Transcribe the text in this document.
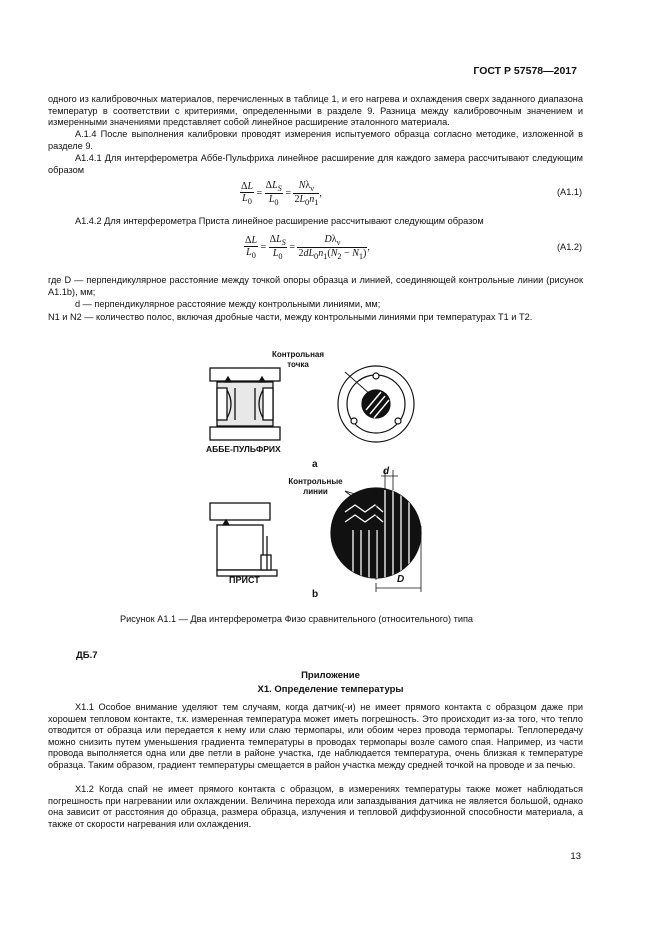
ГОСТ Р 57578—2017

одного из калибровочных материалов, перечисленных в таблице 1, и его нагрева и охлаждения сверх заданного диапазона температур в соответствии с критериями, определенными в разделе 9. Разница между калибровочным значением и измеренными значениями представляет собой линейное расширение эталонного материала.

А.1.4 После выполнения калибровки проводят измерения испытуемого образца согласно методике, изложенной в разделе 9.

А1.4.1 Для интерферометра Аббе-Пульфриха линейное расширение для каждого замера рассчитывают следующим образом

$\frac{\Delta L}{L_0} = \frac{\Delta L_S}{L_0} = \frac{N\lambda_\nu}{2L_0n_1}$ ,	(А1.1)

А1.4.2 Для интерферометра Приста линейное расширение рассчитывают следующим образом

$\frac{\Delta L}{L_0} = \frac{\Delta L_S}{L_0} = \frac{D\lambda_\nu}{2dL_0n_1(N_2 - N_1)}$ ,	(А1.2)

где D — перпендикулярное расстояние между точкой опоры образца и линией, соединяющей контрольные линии (рисунок А1.1b), мм;

d — перпендикулярное расстояние между контрольными линиями, мм;

N1 и N2 — количество полос, включая дробные части, между контрольными линиями при температурах T1 и T2.

Контрольная точка
АББЕ-ПУЛЬФРИХ
a
Контрольные линии
d
ПРИСТ	D
b
Рисунок А1.1 — Два интерферометра Физо сравнительного (относительного) типа
ДБ.7
Приложение
Х1. Определение температуры

Х1.1 Особое внимание уделяют тем случаям, когда датчик(-и) не имеет прямого контакта с образцом даже при хорошем тепловом контакте, т.к. измеренная температура может иметь погрешность. Это происходит из-за того, что тепло отводится от образца или передается к нему или слаю термопары, или обоим через провода термопары. Теплопередачу можно снизить путем уменьшения градиента температуры в проводах термопары возле самого спая. Например, из части провода выполняется одна или две петли в районе участка, где наблюдается температура, очень близкая к температуре образца. Таким образом, градиент температуры смещается в район участка между средней точкой на проводе и за печью.

Х1.2 Когда спай не имеет прямого контакта с образцом, в измерениях температуры также может наблюдаться погрешность при нагревании или охлаждении. Величина перехода или запаздывания датчика не является большой, однако она зависит от расстояния до образца, размера образца, излучения и тепловой диффузионной способности материала, а также от скорости нагревания или охлаждения.

13
